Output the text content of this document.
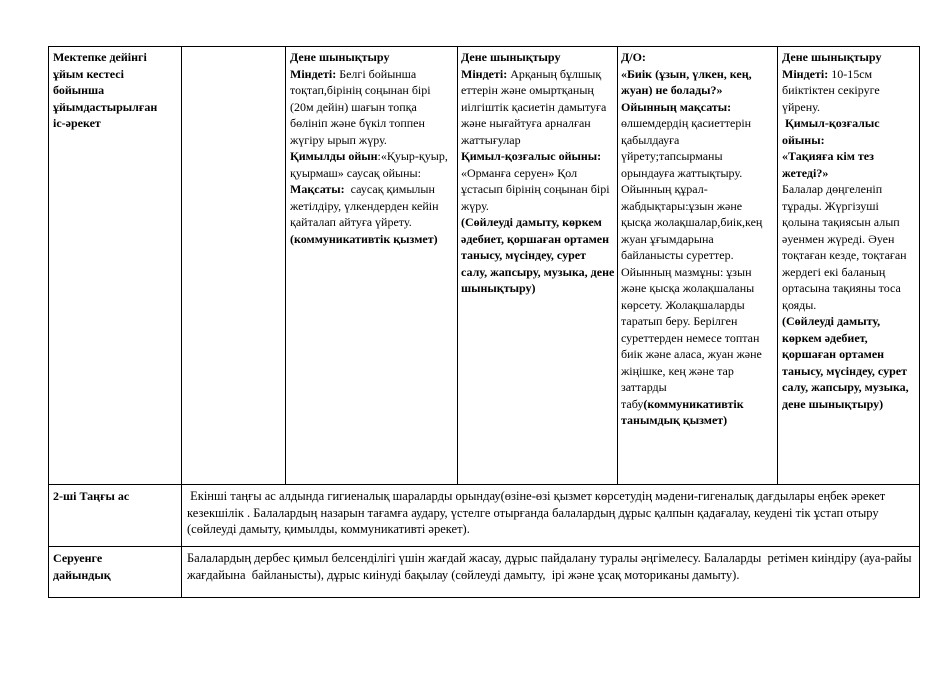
Мектепке дейінгі
ұйым кестесі
бойынша
ұйымдастырылған
іс-әрекет

Дене шынықтыру

Міндеті: Белгі бойынша тоқтап,бірінің соңынан бірі (20м дейін) шағын топқа бөлініп және бүкіл топпен жүгіру ырып жүру.

Қимылды ойын:«Қуыр-қуыр, қуырмаш» саусақ ойыны:

Мақсаты:  саусақ қимылын жетілдіру, үлкендерден кейін қайталап айтуға үйрету.(коммуникативтік қызмет)

Дене шынықтыру

Міндеті: Арқаның бұлшық еттерін және омыртқаның иілгіштік қасиетін дамытуға және нығайтуға арналған жаттығулар

Қимыл-қозғалыс ойыны:

«Орманға серуен» Қол ұстасып бірінің соңынан бірі жүру.

(Сөйлеуді дамыту, көркем әдебиет, қоршаған ортамен танысу, мүсіндеу, сурет салу, жапсыру, музыка, дене шынықтыру)

Д/О:

«Биік (ұзын, үлкен, кең, жуан) не болады?»

Ойынның мақсаты:

өлшемдердің қасиеттерін қабылдауға үйрету;тапсырманы орындауға жаттықтыру. Ойынның құрал-жабдықтары:ұзын және қысқа жолақшалар,биік,кең жуан ұғымдарына байланысты суреттер. Ойынның мазмұны: ұзын және қысқа жолақшаланы көрсету. Жолақшаларды таратып беру. Берілген суреттерден немесе топтан биік және аласа, жуан және жіңішке, кең және тар заттарды табу(коммуникативтік танымдық қызмет)

Дене шынықтыру

Міндеті: 10-15см биіктіктен секіруге үйрену.

Қимыл-қозғалыс ойыны:

«Тақияға кім тез жетеді?»

Балалар дөңгеленіп тұрады. Жүргізуші қолына тақиясын алып әуенмен жүреді. Әуен тоқтаған кезде, тоқтаған жердегі екі баланың ортасына тақияны тоса қояды.

(Сөйлеуді дамыту, көркем әдебиет, қоршаған ортамен танысу, мүсіндеу, сурет салу, жапсыру, музыка, дене шынықтыру)

2-ші Таңғы ас	Екінші таңғы ас алдында гигиеналық шараларды орындау(өзіне-өзі қызмет көрсетудің мәдени-гигеналық дағдылары еңбек әрекет кезекшілік . Балалардың назарын тағамға аудару, үстелге отырғанда балалардың дұрыс қалпын қадағалау, кеудені тік ұстап отыру (сөйлеуді дамыту, қимылды, коммуникативті әрекет).

Серуенге
дайындық

Балалардың дербес қимыл белсенділігі үшін жағдай жасау, дұрыс пайдалану туралы әңгімелесу. Балаларды  ретімен киіндіру (ауа-райы жағдайына  байланысты), дұрыс киінуді бақылау (сөйлеуді дамыту,  ірі және ұсақ моториканы дамыту).
